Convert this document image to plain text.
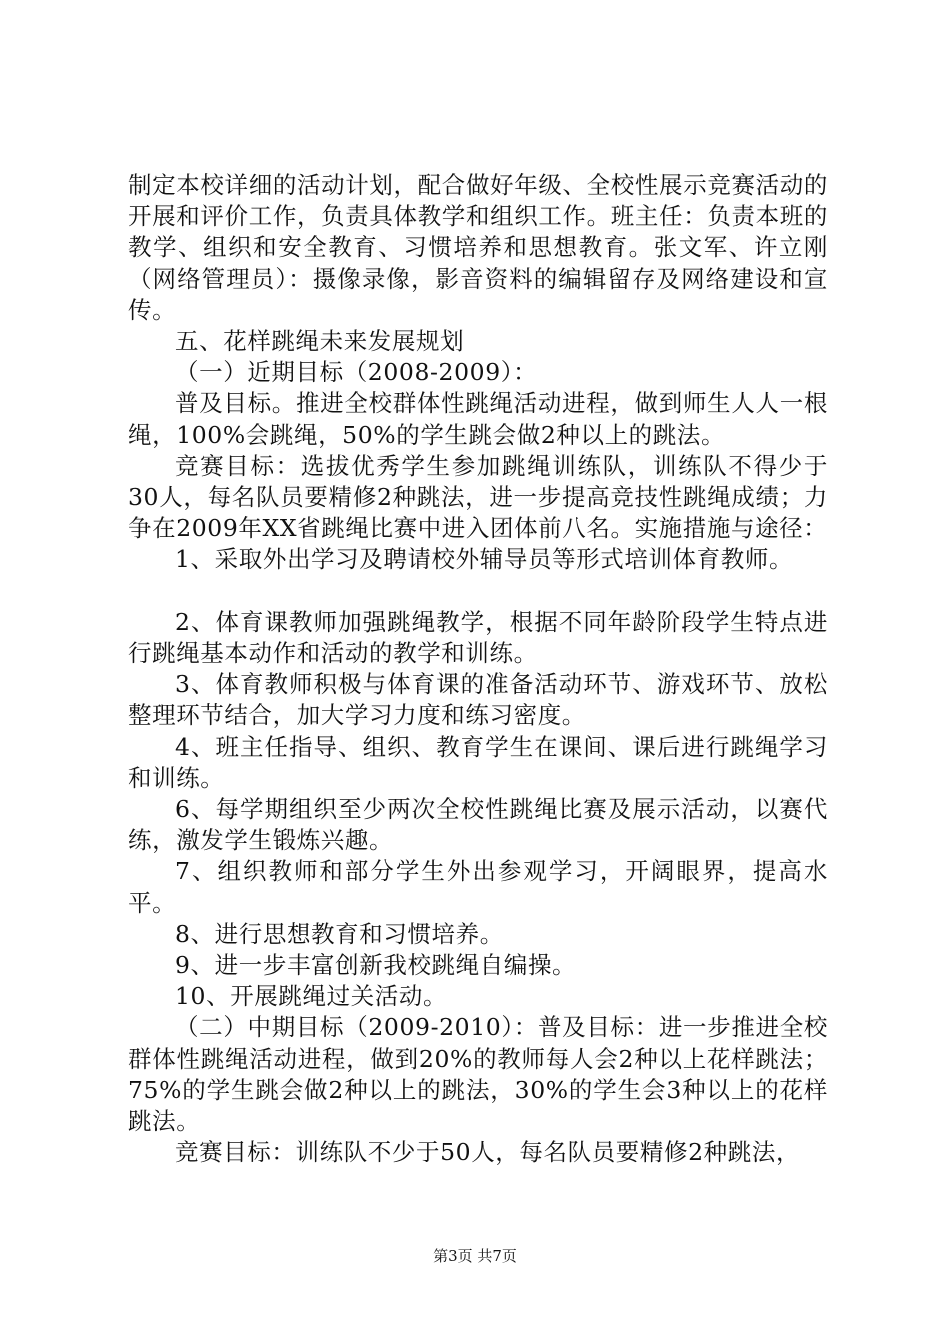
制定本校详细的活动计划，配合做好年级、全校性展示竞赛活动的开展和评价工作，负责具体教学和组织工作。班主任：负责本班的教学、组织和安全教育、习惯培养和思想教育。张文军、许立刚（网络管理员）：摄像录像，影音资料的编辑留存及网络建设和宣传。

五、花样跳绳未来发展规划

（一）近期目标（2008-2009）：

普及目标。推进全校群体性跳绳活动进程，做到师生人人一根绳，100%会跳绳，50%的学生跳会做2种以上的跳法。

竞赛目标：选拔优秀学生参加跳绳训练队，训练队不得少于30人，每名队员要精修2种跳法，进一步提高竞技性跳绳成绩；力争在2009年XX省跳绳比赛中进入团体前八名。实施措施与途径：

1、采取外出学习及聘请校外辅导员等形式培训体育教师。

2、体育课教师加强跳绳教学，根据不同年龄阶段学生特点进行跳绳基本动作和活动的教学和训练。

3、体育教师积极与体育课的准备活动环节、游戏环节、放松整理环节结合，加大学习力度和练习密度。

4、班主任指导、组织、教育学生在课间、课后进行跳绳学习和训练。

6、每学期组织至少两次全校性跳绳比赛及展示活动，以赛代练，激发学生锻炼兴趣。

7、组织教师和部分学生外出参观学习，开阔眼界，提高水平。

8、进行思想教育和习惯培养。

9、进一步丰富创新我校跳绳自编操。

10、开展跳绳过关活动。

（二）中期目标（2009-2010）：普及目标：进一步推进全校群体性跳绳活动进程，做到20%的教师每人会2种以上花样跳法；75%的学生跳会做2种以上的跳法，30%的学生会3种以上的花样跳法。

竞赛目标：训练队不少于50人，每名队员要精修2种跳法，

第3页 共7页
